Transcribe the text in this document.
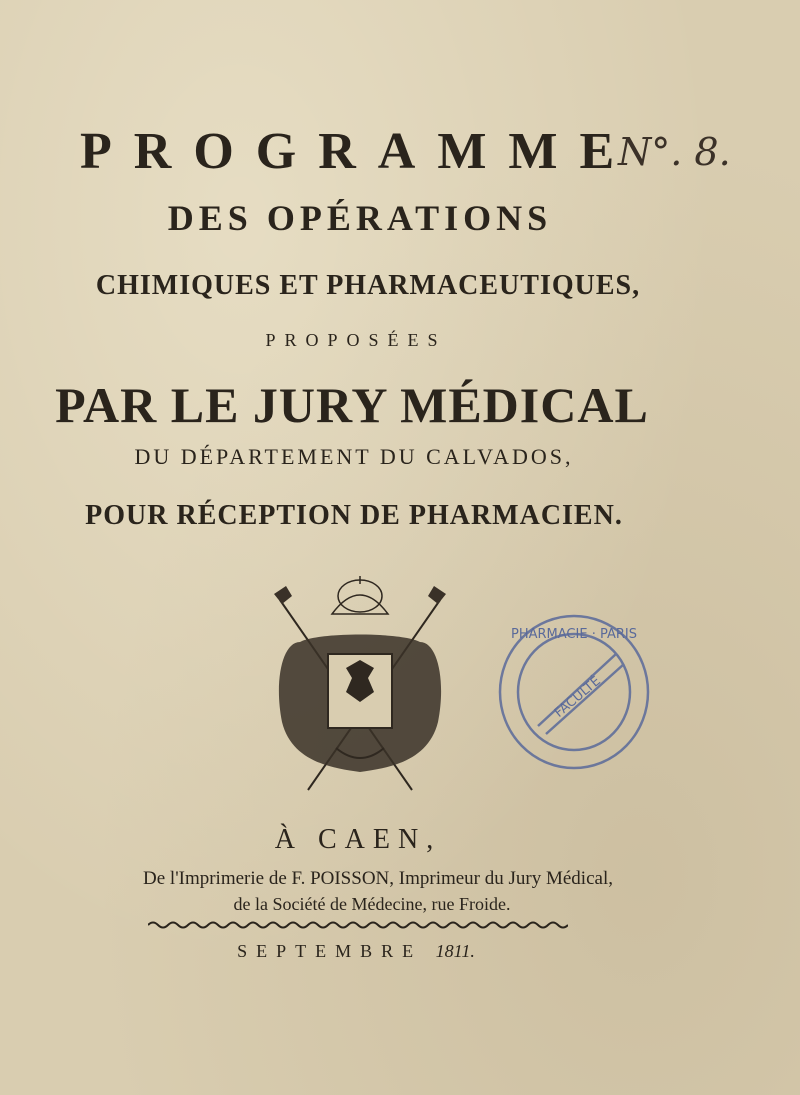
PROGRAMME
N°. 8.
DES OPÉRATIONS
CHIMIQUES ET PHARMACEUTIQUES,
PROPOSÉES
PAR LE JURY MÉDICAL
DU DÉPARTEMENT DU CALVADOS,
POUR RÉCEPTION DE PHARMACIEN.
PHARMACIE · PARIS
FACULTÉ
À CAEN,
De l'Imprimerie de F. POISSON, Imprimeur du Jury Médical,
de la Société de Médecine, rue Froide.
SEPTEMBRE 1811.
